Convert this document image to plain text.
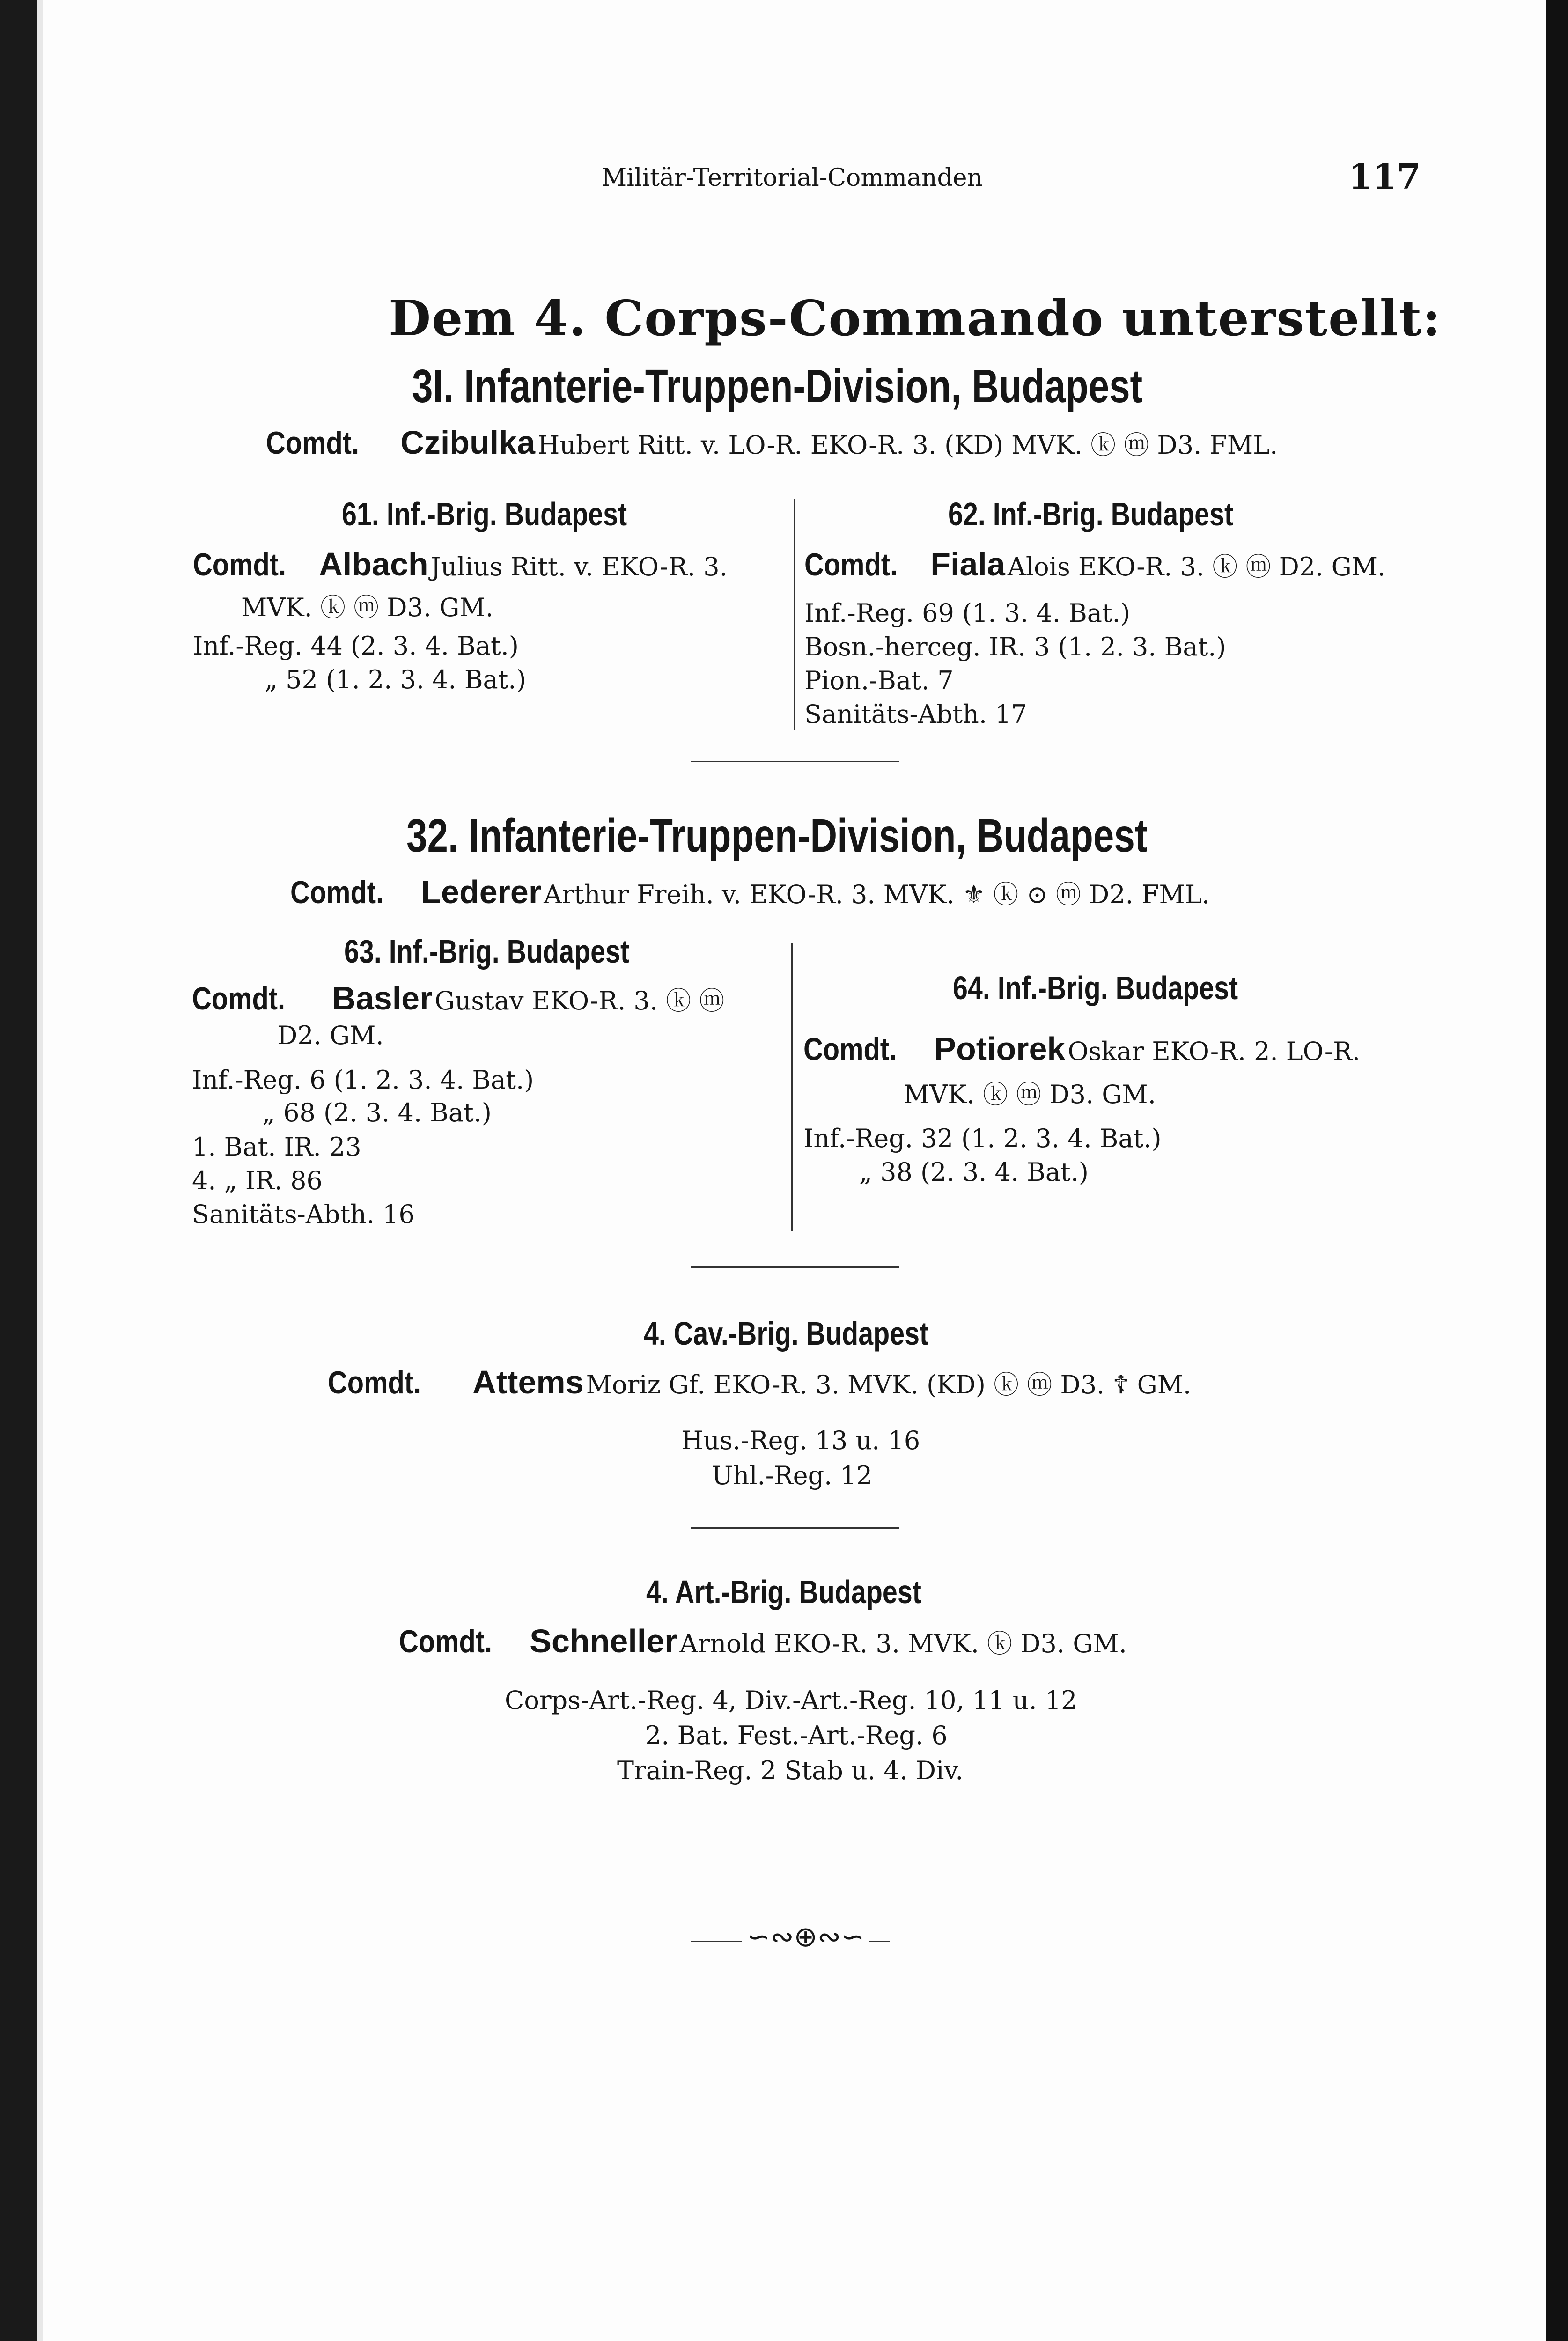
Militär-Territorial-Commanden	117
Dem 4. Corps-Commando unterstellt:
3I. Infanterie-Truppen-Division, Budapest
Comdt. Czibulka Hubert Ritt. v. LO-R. EKO-R. 3. (KD) MVK. ⓚ ⓜ D3. FML.
61. Inf.-Brig. Budapest
Comdt. Albach Julius Ritt. v. EKO-R. 3.
MVK. ⓚ ⓜ D3. GM.
Inf.-Reg. 44 (2. 3. 4. Bat.)
„ 52 (1. 2. 3. 4. Bat.)
62. Inf.-Brig. Budapest
Comdt. Fiala Alois EKO-R. 3. ⓚ ⓜ D2. GM.
Inf.-Reg. 69 (1. 3. 4. Bat.)
Bosn.-herceg. IR. 3 (1. 2. 3. Bat.)
Pion.-Bat. 7
Sanitäts-Abth. 17
32. Infanterie-Truppen-Division, Budapest
Comdt. Lederer Arthur Freih. v. EKO-R. 3. MVK. ⚜ ⓚ ⊙ ⓜ D2. FML.
63. Inf.-Brig. Budapest
Comdt. Basler Gustav EKO-R. 3. ⓚ ⓜ
D2. GM.
Inf.-Reg. 6 (1. 2. 3. 4. Bat.)
„ 68 (2. 3. 4. Bat.)
1. Bat. IR. 23
4. „ IR. 86
Sanitäts-Abth. 16
64. Inf.-Brig. Budapest
Comdt. Potiorek Oskar EKO-R. 2. LO-R.
MVK. ⓚ ⓜ D3. GM.
Inf.-Reg. 32 (1. 2. 3. 4. Bat.)
„ 38 (2. 3. 4. Bat.)
4. Cav.-Brig. Budapest
Comdt. Attems Moriz Gf. EKO-R. 3. MVK. (KD) ⓚ ⓜ D3. ☦ GM.
Hus.-Reg. 13 u. 16
Uhl.-Reg. 12
4. Art.-Brig. Budapest
Comdt. Schneller Arnold EKO-R. 3. MVK. ⓚ D3. GM.
Corps-Art.-Reg. 4, Div.-Art.-Reg. 10, 11 u. 12
2. Bat. Fest.-Art.-Reg. 6
Train-Reg. 2 Stab u. 4. Div.
∽∾⊕∾∽
